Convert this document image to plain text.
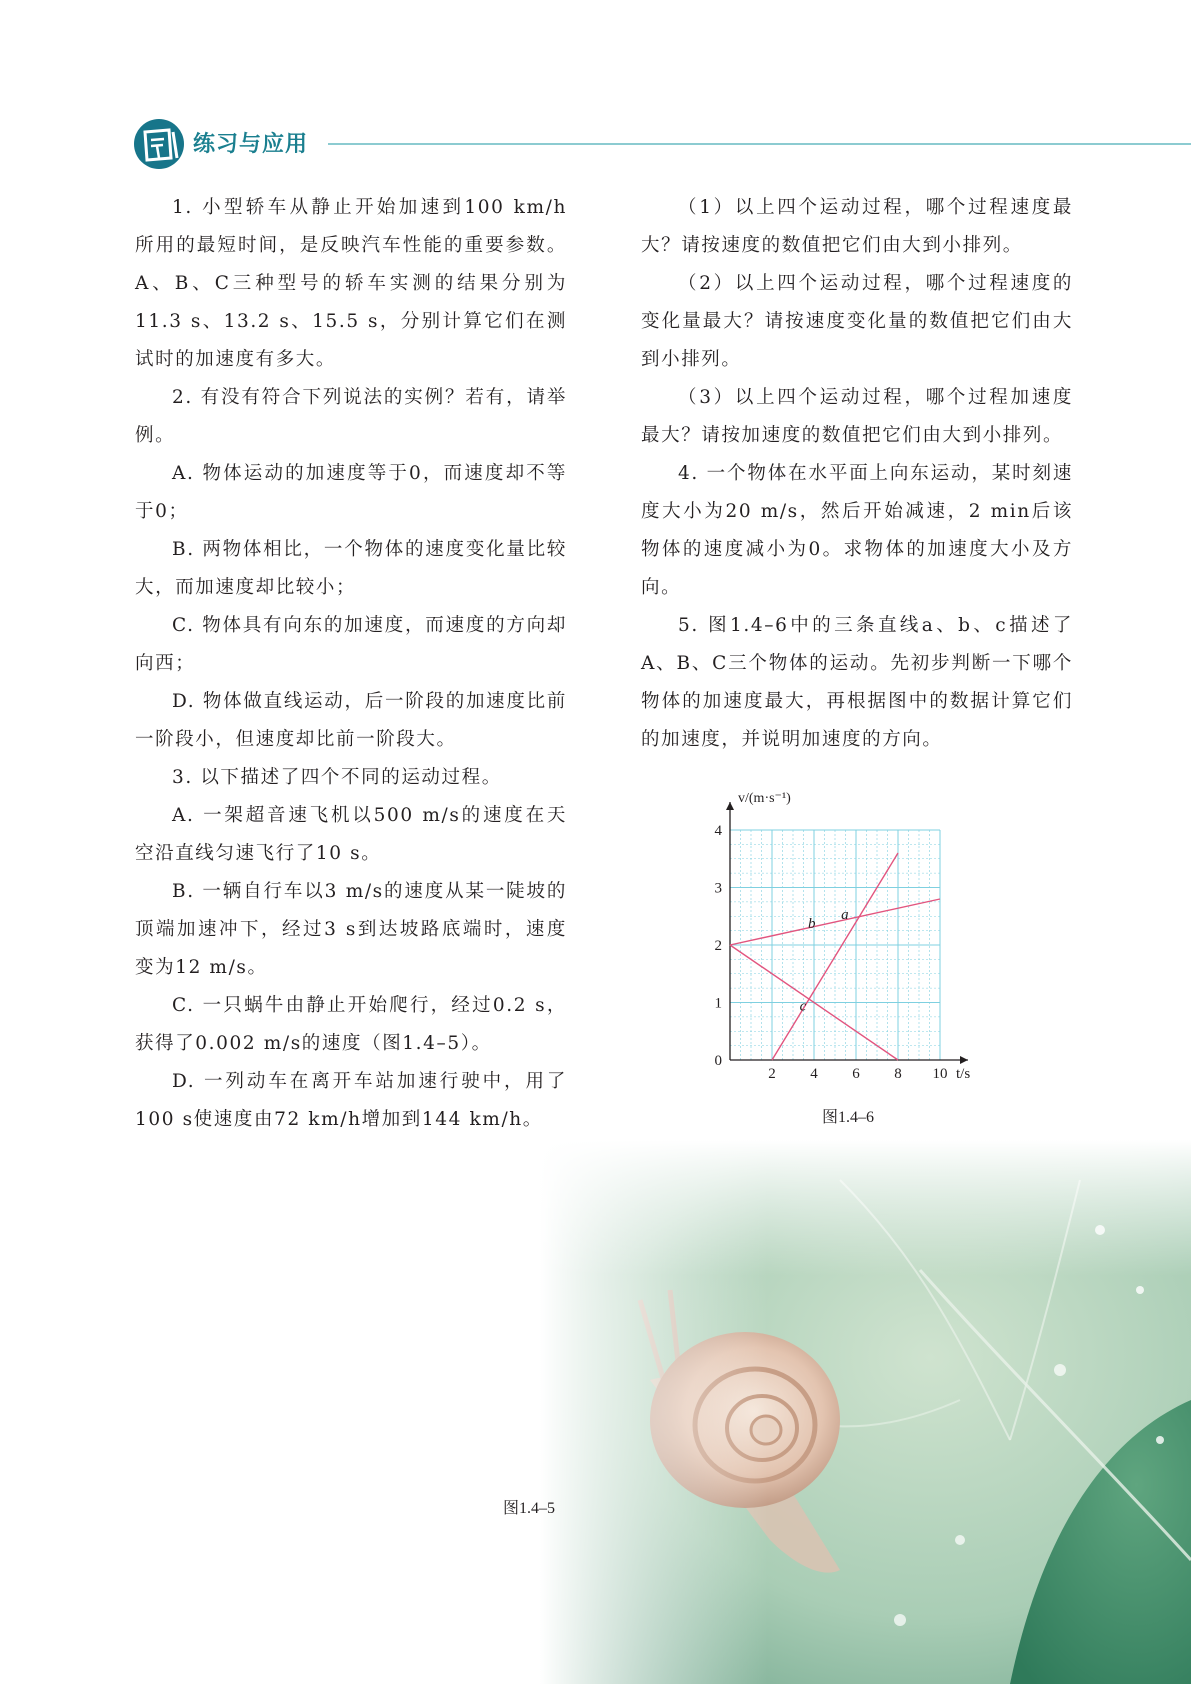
练习与应用

1. 小型轿车从静止开始加速到100 km/h 所用的最短时间，是反映汽车性能的重要参数。A、B、C三种型号的轿车实测的结果分别为11.3 s、13.2 s、15.5 s，分别计算它们在测试时的加速度有多大。

2. 有没有符合下列说法的实例？若有，请举例。

A. 物体运动的加速度等于0，而速度却不等于0；

B. 两物体相比，一个物体的速度变化量比较大，而加速度却比较小；

C. 物体具有向东的加速度，而速度的方向却向西；

D. 物体做直线运动，后一阶段的加速度比前一阶段小，但速度却比前一阶段大。

3. 以下描述了四个不同的运动过程。

A. 一架超音速飞机以500 m/s的速度在天空沿直线匀速飞行了10 s。

B. 一辆自行车以3 m/s的速度从某一陡坡的顶端加速冲下，经过3 s到达坡路底端时，速度变为12 m/s。

C. 一只蜗牛由静止开始爬行，经过0.2 s，获得了0.002 m/s的速度（图1.4–5）。

D. 一列动车在离开车站加速行驶中，用了100 s使速度由72 km/h增加到144 km/h。

（1）以上四个运动过程，哪个过程速度最大？请按速度的数值把它们由大到小排列。

（2）以上四个运动过程，哪个过程速度的变化量最大？请按速度变化量的数值把它们由大到小排列。

（3）以上四个运动过程，哪个过程加速度最大？请按加速度的数值把它们由大到小排列。

4. 一个物体在水平面上向东运动，某时刻速度大小为20 m/s，然后开始减速，2 min后该物体的速度减小为0。求物体的加速度大小及方向。

5. 图1.4–6中的三条直线a、b、c描述了A、B、C三个物体的运动。先初步判断一下哪个物体的加速度最大，再根据图中的数据计算它们的加速度，并说明加速度的方向。

a
b
c
2 4 6 8 10
1
2
3
4
0
t/s
v/(m·s⁻¹)
图1.4–6
图1.4–5
